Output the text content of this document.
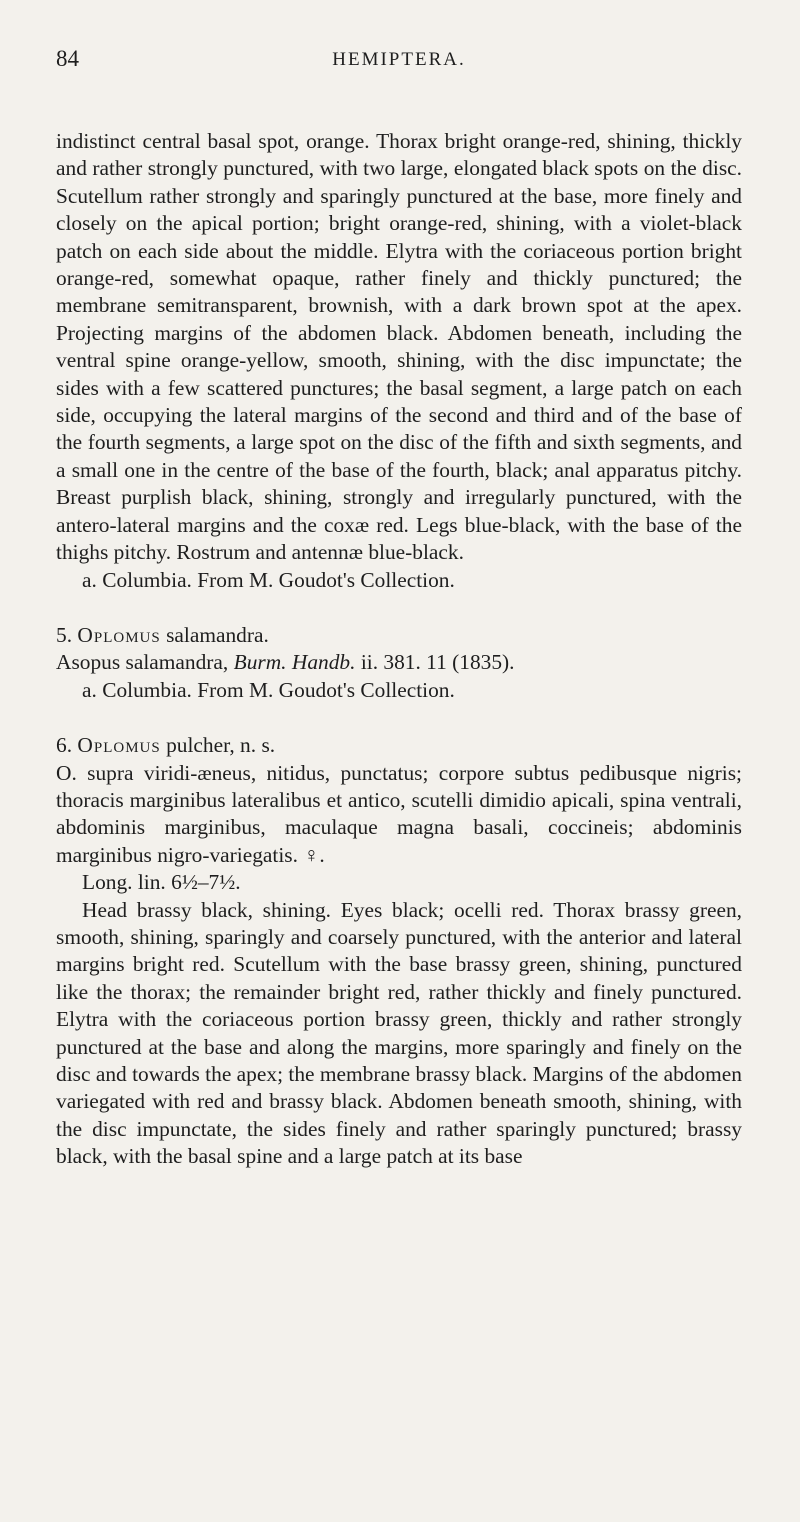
84	HEMIPTERA.

indistinct central basal spot, orange. Thorax bright orange-red, shining, thickly and rather strongly punctured, with two large, elongated black spots on the disc. Scutellum rather strongly and sparingly punctured at the base, more finely and closely on the apical portion; bright orange-red, shining, with a violet-black patch on each side about the middle. Elytra with the coriaceous portion bright orange-red, somewhat opaque, rather finely and thickly punctured; the membrane semitransparent, brownish, with a dark brown spot at the apex. Projecting margins of the abdomen black. Abdomen beneath, including the ventral spine orange-yellow, smooth, shining, with the disc impunctate; the sides with a few scattered punctures; the basal segment, a large patch on each side, occupying the lateral margins of the second and third and of the base of the fourth segments, a large spot on the disc of the fifth and sixth segments, and a small one in the centre of the base of the fourth, black; anal apparatus pitchy. Breast purplish black, shining, strongly and irregularly punctured, with the antero-lateral margins and the coxæ red. Legs blue-black, with the base of the thighs pitchy. Rostrum and antennæ blue-black.

a. Columbia. From M. Goudot's Collection.

5. Oplomus salamandra.

Asopus salamandra, Burm. Handb. ii. 381. 11 (1835).

a. Columbia. From M. Goudot's Collection.

6. Oplomus pulcher, n. s.

O. supra viridi-æneus, nitidus, punctatus; corpore subtus pedibusque nigris; thoracis marginibus lateralibus et antico, scutelli dimidio apicali, spina ventrali, abdominis marginibus, maculaque magna basali, coccineis; abdominis marginibus nigro-variegatis. ♀.

Long. lin. 6½–7½.

Head brassy black, shining. Eyes black; ocelli red. Thorax brassy green, smooth, shining, sparingly and coarsely punctured, with the anterior and lateral margins bright red. Scutellum with the base brassy green, shining, punctured like the thorax; the remainder bright red, rather thickly and finely punctured. Elytra with the coriaceous portion brassy green, thickly and rather strongly punctured at the base and along the margins, more sparingly and finely on the disc and towards the apex; the membrane brassy black. Margins of the abdomen variegated with red and brassy black. Abdomen beneath smooth, shining, with the disc impunctate, the sides finely and rather sparingly punctured; brassy black, with the basal spine and a large patch at its base
